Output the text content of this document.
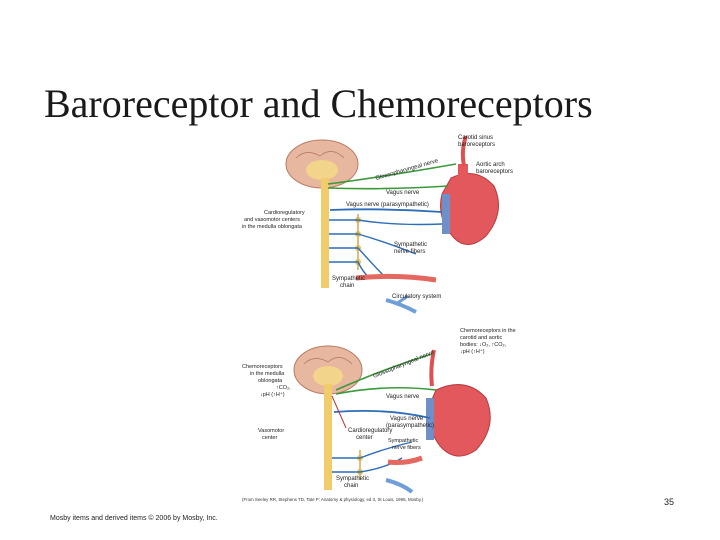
Baroreceptor and Chemoreceptors
Carotid sinus
baroreceptors
Aortic arch
baroreceptors
Glossopharyngeal nerve
Vagus nerve
Vagus nerve (parasympathetic)
Cardioregulatory
and vasomotor centers
in the medulla oblongata
Sympathetic
nerve fibers
Sympathetic
chain
Circulatory system
Chemoreceptors in the
carotid and aortic
bodies: ↓O₂, ↑CO₂,
↓pH (↑H⁺)
Glossopharyngeal nerve
Vagus nerve
Vagus nerve
(parasympathetic)
Chemoreceptors
in the medulla
oblongata
↑CO₂,
↓pH (↑H⁺)
Cardioregulatory
center
Vasomotor
center	Sympathetic
nerve fibers
Sympathetic
chain
(From Seeley RR, Stephens TD, Tate P: Anatomy & physiology, ed 3, St Louis, 1995, Mosby.)	35
Mosby items and derived items © 2006 by Mosby, Inc.
